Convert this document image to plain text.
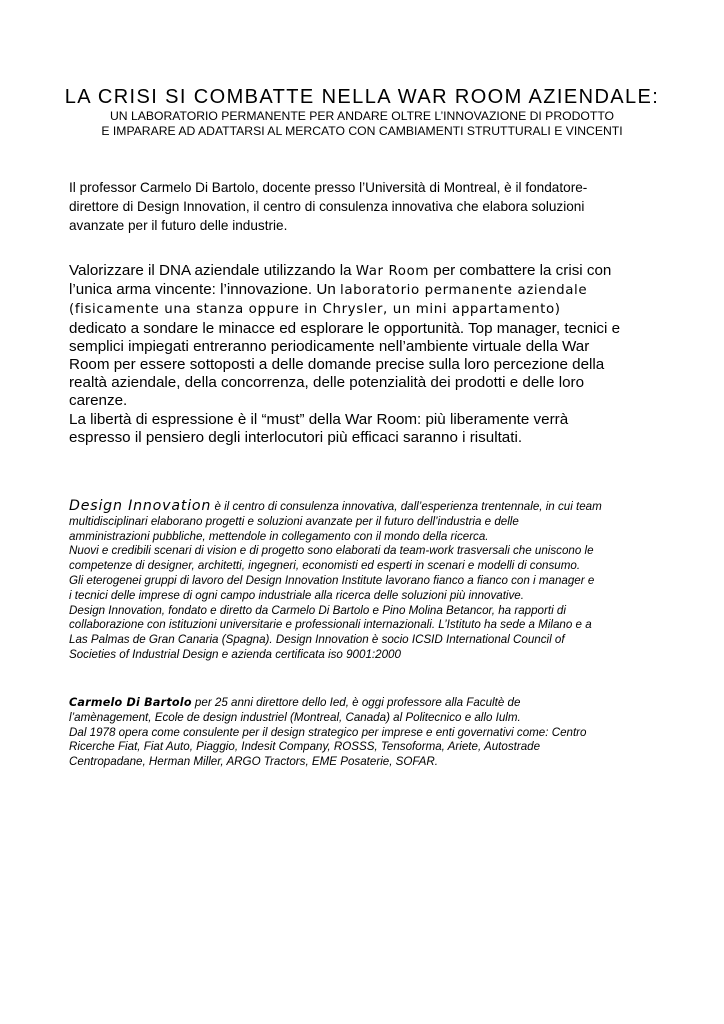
LA CRISI SI COMBATTE NELLA WAR ROOM AZIENDALE:
UN LABORATORIO PERMANENTE PER ANDARE OLTRE L’INNOVAZIONE DI PRODOTTO
E IMPARARE AD ADATTARSI AL MERCATO CON CAMBIAMENTI STRUTTURALI E VINCENTI
Il professor Carmelo Di Bartolo, docente presso l’Università di Montreal, è il fondatore-
direttore di Design Innovation, il centro di consulenza innovativa che elabora soluzioni
avanzate per il futuro delle industrie.
Valorizzare il DNA aziendale utilizzando la War Room per combattere la crisi con
l’unica arma vincente: l’innovazione. Un laboratorio permanente aziendale
(fisicamente una stanza oppure in Chrysler, un mini appartamento)
dedicato a sondare le minacce ed esplorare le opportunità. Top manager, tecnici e
semplici impiegati entreranno periodicamente nell’ambiente virtuale della War
Room per essere sottoposti a delle domande precise sulla loro percezione della
realtà aziendale, della concorrenza, delle potenzialità dei prodotti e delle loro
carenze.
La libertà di espressione è il “must” della War Room: più liberamente verrà
espresso il pensiero degli interlocutori più efficaci saranno i risultati.
Design Innovation è il centro di consulenza innovativa, dall’esperienza trentennale, in cui team
multidisciplinari elaborano progetti e soluzioni avanzate per il futuro dell’industria e delle
amministrazioni pubbliche, mettendole in collegamento con il mondo della ricerca.
Nuovi e credibili scenari di vision e di progetto sono elaborati da team-work trasversali che uniscono le
competenze di designer, architetti, ingegneri, economisti ed esperti in scenari e modelli di consumo.
Gli eterogenei gruppi di lavoro del Design Innovation Institute lavorano fianco a fianco con i manager e
i tecnici delle imprese di ogni campo industriale alla ricerca delle soluzioni più innovative.
Design Innovation, fondato e diretto da Carmelo Di Bartolo e Pino Molina Betancor, ha rapporti di
collaborazione con istituzioni universitarie e professionali internazionali. L’Istituto ha sede a Milano e a
Las Palmas de Gran Canaria (Spagna). Design Innovation è socio ICSID International Council of
Societies of Industrial Design e azienda certificata iso 9001:2000
Carmelo Di Bartolo per 25 anni direttore dello Ied, è oggi professore alla Facultè de
l’amènagement, Ecole de design industriel (Montreal, Canada) al Politecnico e allo Iulm.
Dal 1978 opera come consulente per il design strategico per imprese e enti governativi come: Centro
Ricerche Fiat, Fiat Auto, Piaggio, Indesit Company, ROSSS, Tensoforma, Ariete, Autostrade
Centropadane, Herman Miller, ARGO Tractors, EME Posaterie, SOFAR.
